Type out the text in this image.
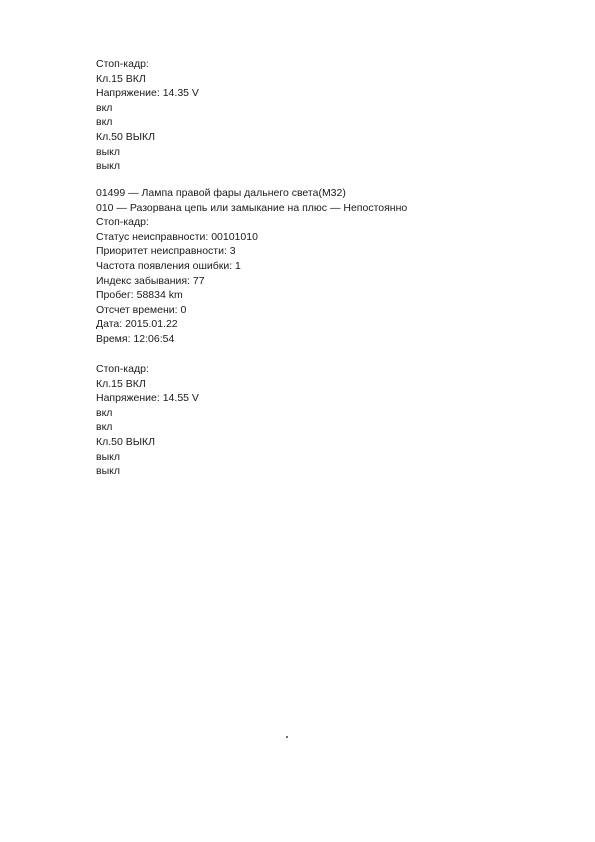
Стоп-кадр:
Кл.15 ВКЛ
Напряжение: 14.35 V
вкл
вкл
Кл.50 ВЫКЛ
выкл
выкл
01499 — Лампа правой фары дальнего света(M32)
010 — Разорвана цепь или замыкание на плюс — Непостоянно
Стоп-кадр:
Статус неисправности: 00101010
Приоритет неисправности: 3
Частота появления ошибки: 1
Индекс забывания: 77
Пробег: 58834 km
Отсчет времени: 0
Дата: 2015.01.22
Время: 12:06:54
Стоп-кадр:
Кл.15 ВКЛ
Напряжение: 14.55 V
вкл
вкл
Кл.50 ВЫКЛ
выкл
выкл
